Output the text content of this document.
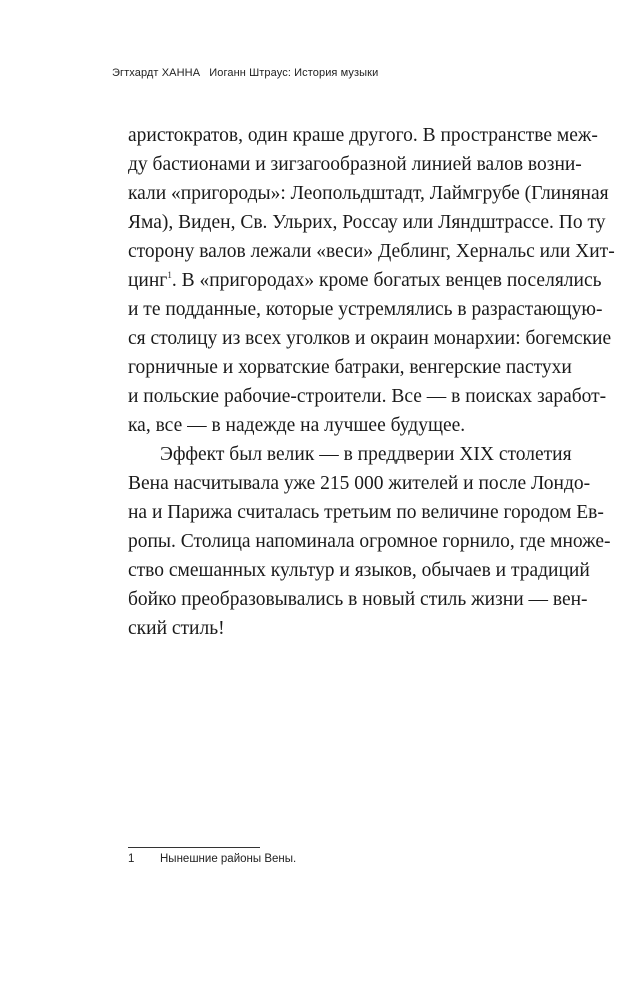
Эгтхардт ХАННА Иоганн Штраус: История музыки
аристократов, один краше другого. В пространстве меж-
ду бастионами и зигзагообразной линией валов возни-
кали «пригороды»: Леопольдштадт, Лаймгрубе (Глиняная
Яма), Виден, Св. Ульрих, Россау или Ляндштрассе. По ту
сторону валов лежали «веси» Деблинг, Хернальс или Хит-
цинг$^1$. В «пригородах» кроме богатых венцев поселялись
и те подданные, которые устремлялись в разрастающую-
ся столицу из всех уголков и окраин монархии: богемские
горничные и хорватские батраки, венгерские пастухи
и польские рабочие-строители. Все — в поисках заработ-
ка, все — в надежде на лучшее будущее.
Эффект был велик — в преддверии XIX столетия
Вена насчитывала уже 215 000 жителей и после Лондо-
на и Парижа считалась третьим по величине городом Ев-
ропы. Столица напоминала огромное горнило, где множе-
ство смешанных культур и языков, обычаев и традиций
бойко преобразовывались в новый стиль жизни — вен-
ский стиль!
1 Нынешние районы Вены.
